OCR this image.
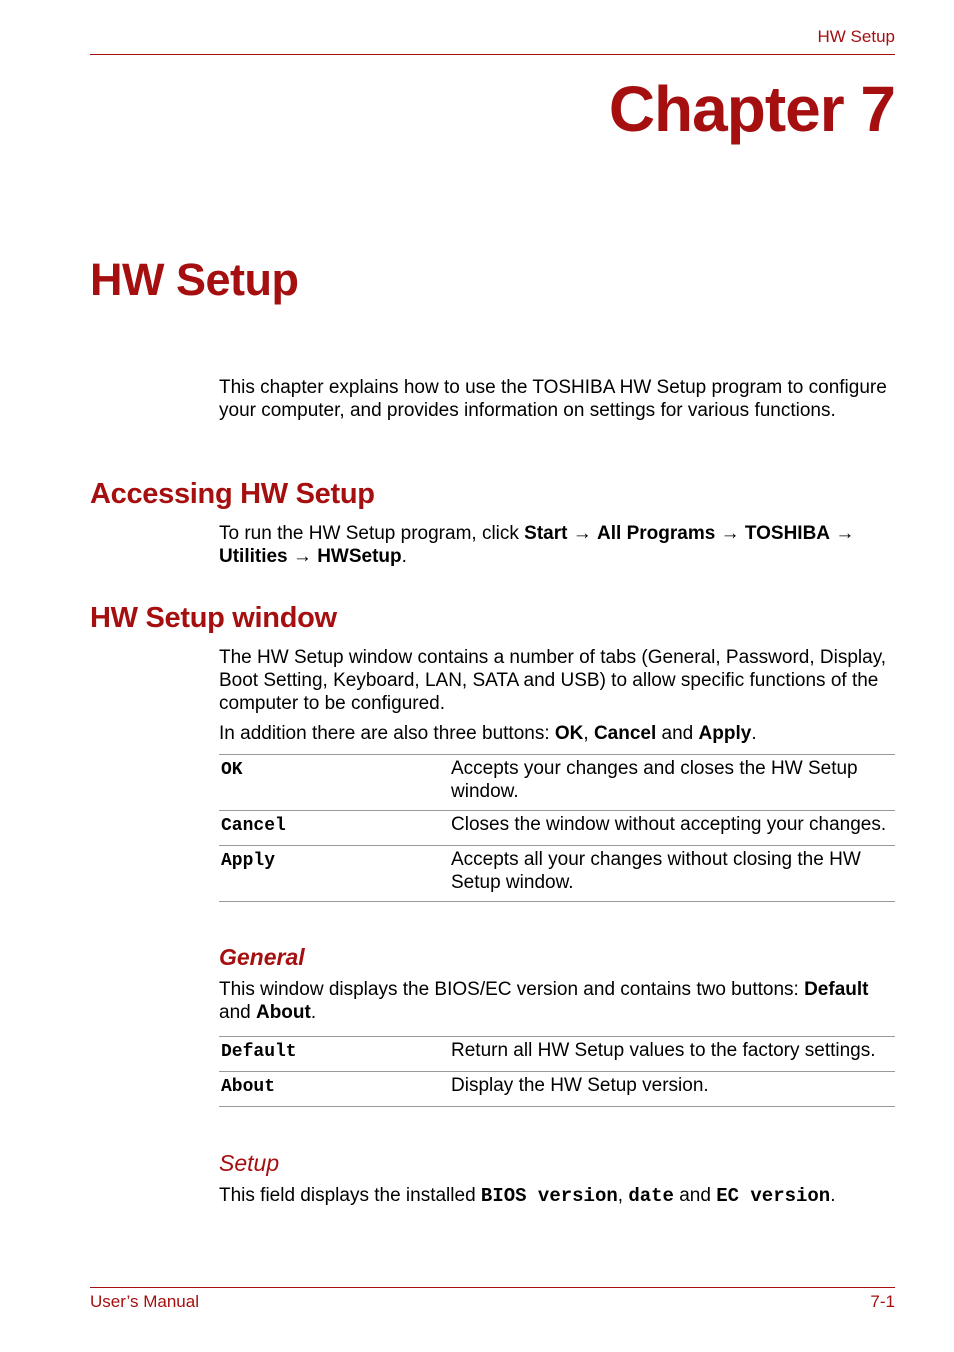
HW Setup
Chapter 7
HW Setup
This chapter explains how to use the TOSHIBA HW Setup program to configure your computer, and provides information on settings for various functions.
Accessing HW Setup
To run the HW Setup program, click Start → All Programs → TOSHIBA → Utilities → HWSetup.
HW Setup window

The HW Setup window contains a number of tabs (General, Password, Display, Boot Setting, Keyboard, LAN, SATA and USB) to allow specific functions of the computer to be configured.

In addition there are also three buttons: OK, Cancel and Apply.

OK	Accepts your changes and closes the HW Setup window.
Cancel	Closes the window without accepting your changes.
Apply	Accepts all your changes without closing the HW Setup window.
General
This window displays the BIOS/EC version and contains two buttons: Default and About.
Default	Return all HW Setup values to the factory settings.
About	Display the HW Setup version.
Setup
This field displays the installed BIOS version, date and EC version.
User’s Manual	7-1
